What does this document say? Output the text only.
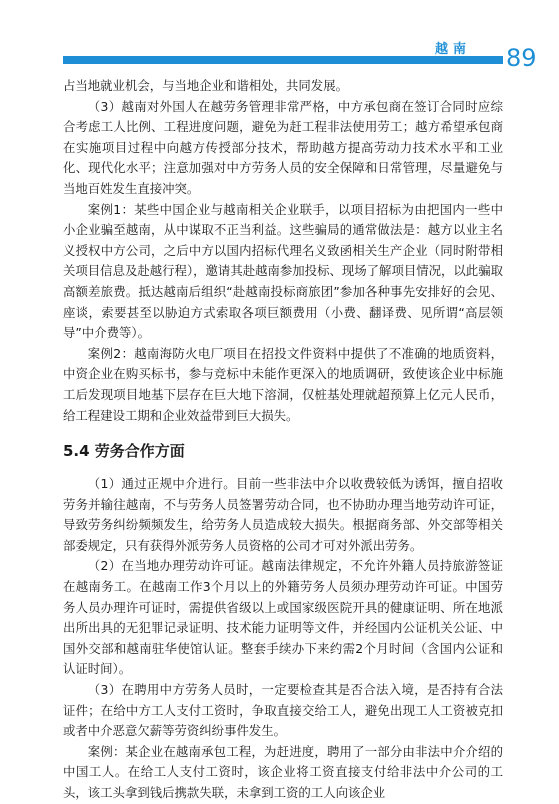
越南 89

占当地就业机会，与当地企业和谐相处，共同发展。

（3）越南对外国人在越劳务管理非常严格，中方承包商在签订合同时应综合考虑工人比例、工程进度问题，避免为赶工程非法使用劳工；越方希望承包商在实施项目过程中向越方传授部分技术，帮助越方提高劳动力技术水平和工业化、现代化水平；注意加强对中方劳务人员的安全保障和日常管理，尽量避免与当地百姓发生直接冲突。

案例1：某些中国企业与越南相关企业联手，以项目招标为由把国内一些中小企业骗至越南，从中谋取不正当利益。这些骗局的通常做法是：越方以业主名义授权中方公司，之后中方以国内招标代理名义致函相关生产企业（同时附带相关项目信息及赴越行程），邀请其赴越南参加投标、现场了解项目情况，以此骗取高额差旅费。抵达越南后组织“赴越南投标商旅团”参加各种事先安排好的会见、座谈，索要甚至以胁迫方式索取各项巨额费用（小费、翻译费、见所谓“高层领导”中介费等）。

案例2：越南海防火电厂项目在招投文件资料中提供了不准确的地质资料，中资企业在购买标书，参与竞标中未能作更深入的地质调研，致使该企业中标施工后发现项目地基下层存在巨大地下溶洞，仅桩基处理就超预算上亿元人民币，给工程建设工期和企业效益带到巨大损失。

5.4 劳务合作方面

（1）通过正规中介进行。目前一些非法中介以收费较低为诱饵，擅自招收劳务并输往越南，不与劳务人员签署劳动合同，也不协助办理当地劳动许可证，导致劳务纠纷频频发生，给劳务人员造成较大损失。根据商务部、外交部等相关部委规定，只有获得外派劳务人员资格的公司才可对外派出劳务。

（2）在当地办理劳动许可证。越南法律规定，不允许外籍人员持旅游签证在越南务工。在越南工作3个月以上的外籍劳务人员须办理劳动许可证。中国劳务人员办理许可证时，需提供省级以上或国家级医院开具的健康证明、所在地派出所出具的无犯罪记录证明、技术能力证明等文件，并经国内公证机关公证、中国外交部和越南驻华使馆认证。整套手续办下来约需2个月时间（含国内公证和认证时间）。

（3）在聘用中方劳务人员时，一定要检查其是否合法入境，是否持有合法证件；在给中方工人支付工资时，争取直接交给工人，避免出现工人工资被克扣或者中介恶意欠薪等劳资纠纷事件发生。

案例：某企业在越南承包工程，为赶进度，聘用了一部分由非法中介介绍的中国工人。在给工人支付工资时，该企业将工资直接支付给非法中介公司的工头，该工头拿到钱后携款失联，未拿到工资的工人向该企业
